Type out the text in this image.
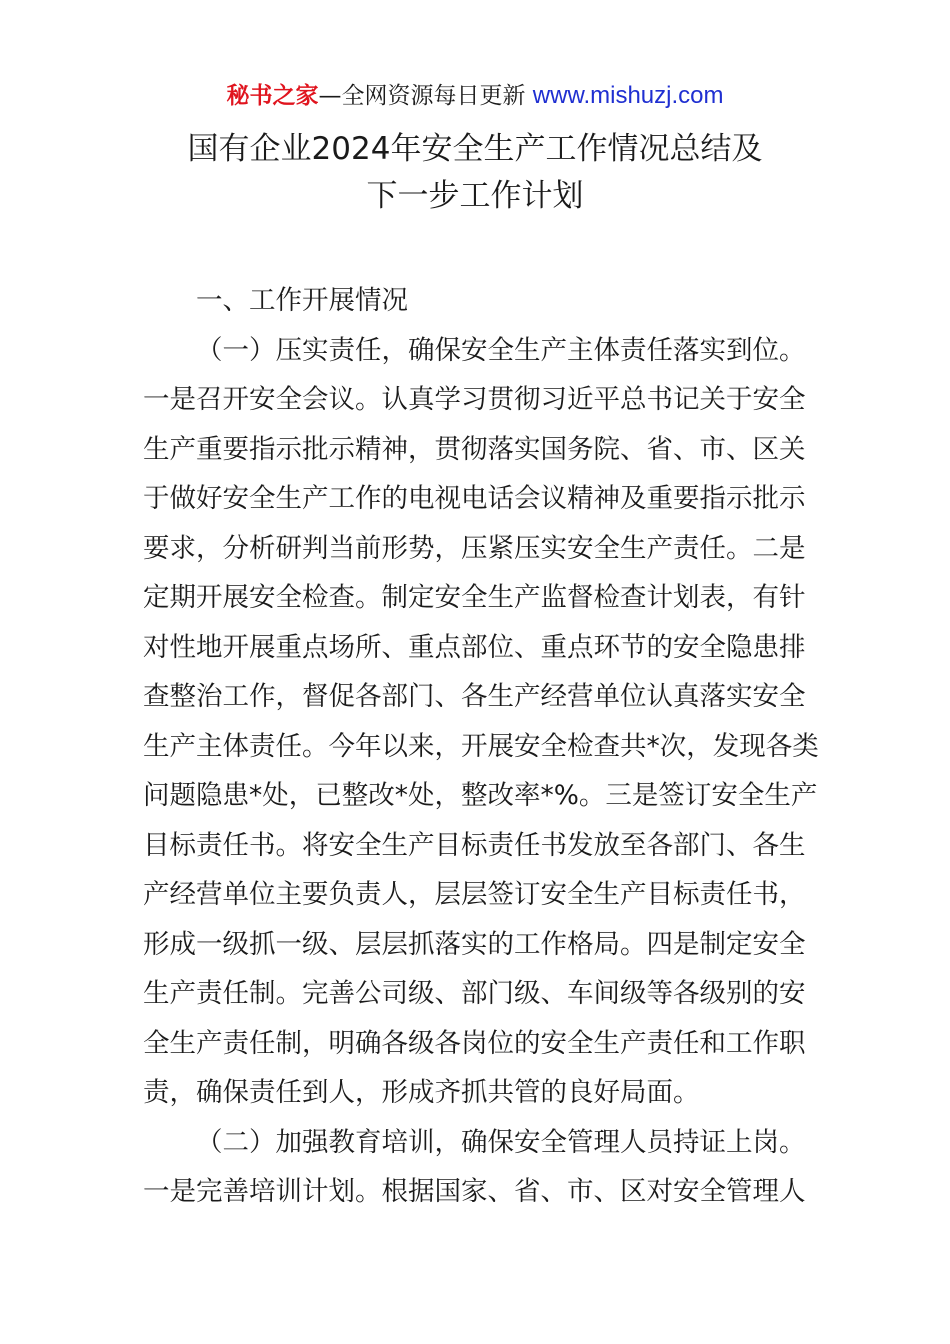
秘书之家—全网资源每日更新 www.mishuzj.com
国有企业2024年安全生产工作情况总结及
下一步工作计划
一、工作开展情况
（一）压实责任，确保安全生产主体责任落实到位。
一是召开安全会议。认真学习贯彻习近平总书记关于安全
生产重要指示批示精神，贯彻落实国务院、省、市、区关
于做好安全生产工作的电视电话会议精神及重要指示批示
要求，分析研判当前形势，压紧压实安全生产责任。二是
定期开展安全检查。制定安全生产监督检查计划表，有针
对性地开展重点场所、重点部位、重点环节的安全隐患排
查整治工作，督促各部门、各生产经营单位认真落实安全
生产主体责任。今年以来，开展安全检查共*次，发现各类
问题隐患*处，已整改*处，整改率*%。三是签订安全生产
目标责任书。将安全生产目标责任书发放至各部门、各生
产经营单位主要负责人，层层签订安全生产目标责任书，
形成一级抓一级、层层抓落实的工作格局。四是制定安全
生产责任制。完善公司级、部门级、车间级等各级别的安
全生产责任制，明确各级各岗位的安全生产责任和工作职
责，确保责任到人，形成齐抓共管的良好局面。
（二）加强教育培训，确保安全管理人员持证上岗。
一是完善培训计划。根据国家、省、市、区对安全管理人
